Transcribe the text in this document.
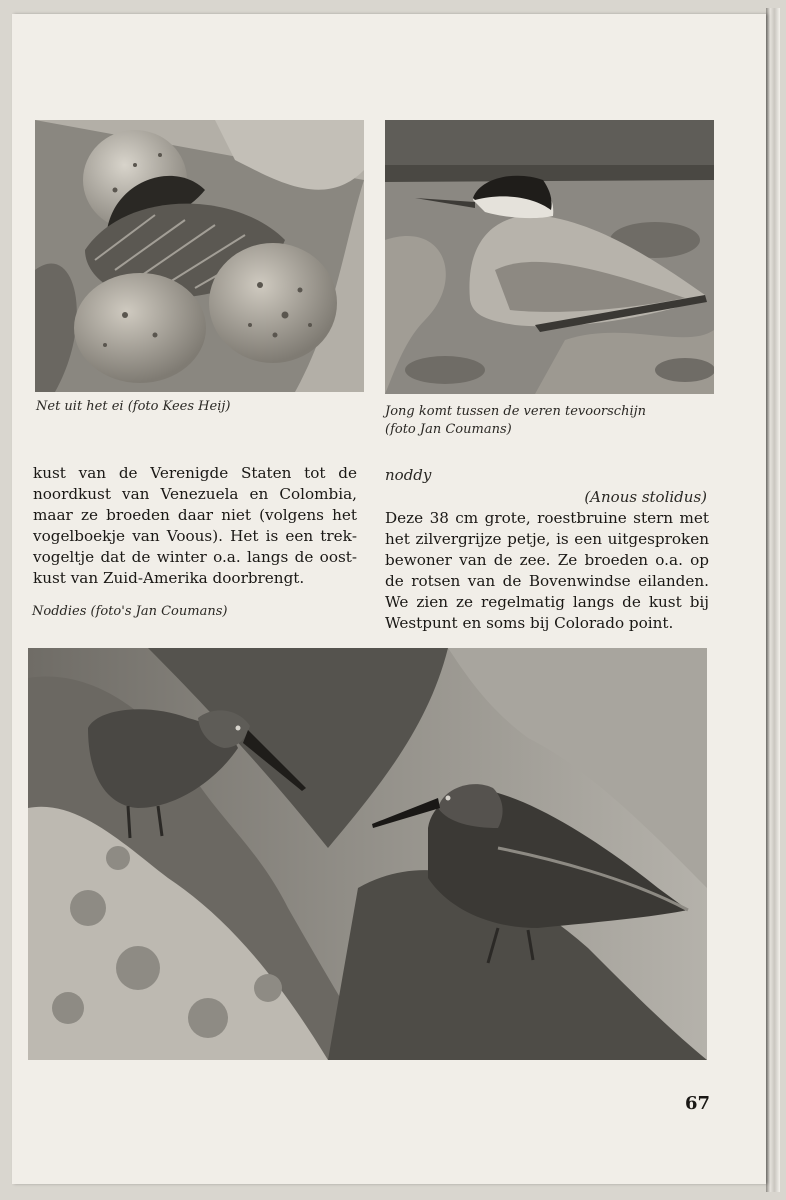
Net uit het ei (foto Kees Heij)	Jong komt tussen de veren tevoorschijn
(foto Jan Coumans)

kust van de Verenigde Staten tot de noordkust van Venezuela en Colombia, maar ze broeden daar niet (volgens het vogelboekje van Voous). Het is een trekvogeltje dat de winter o.a. langs de oostkust van Zuid-Amerika doorbrengt.

Noddies (foto's Jan Coumans)

noddy

(Anous stolidus)

Deze 38 cm grote, roestbruine stern met het zilvergrijze petje, is een uitgesproken bewoner van de zee. Ze broeden o.a. op de rotsen van de Bovenwindse eilanden. We zien ze regelmatig langs de kust bij Westpunt en soms bij Colorado point.

67
